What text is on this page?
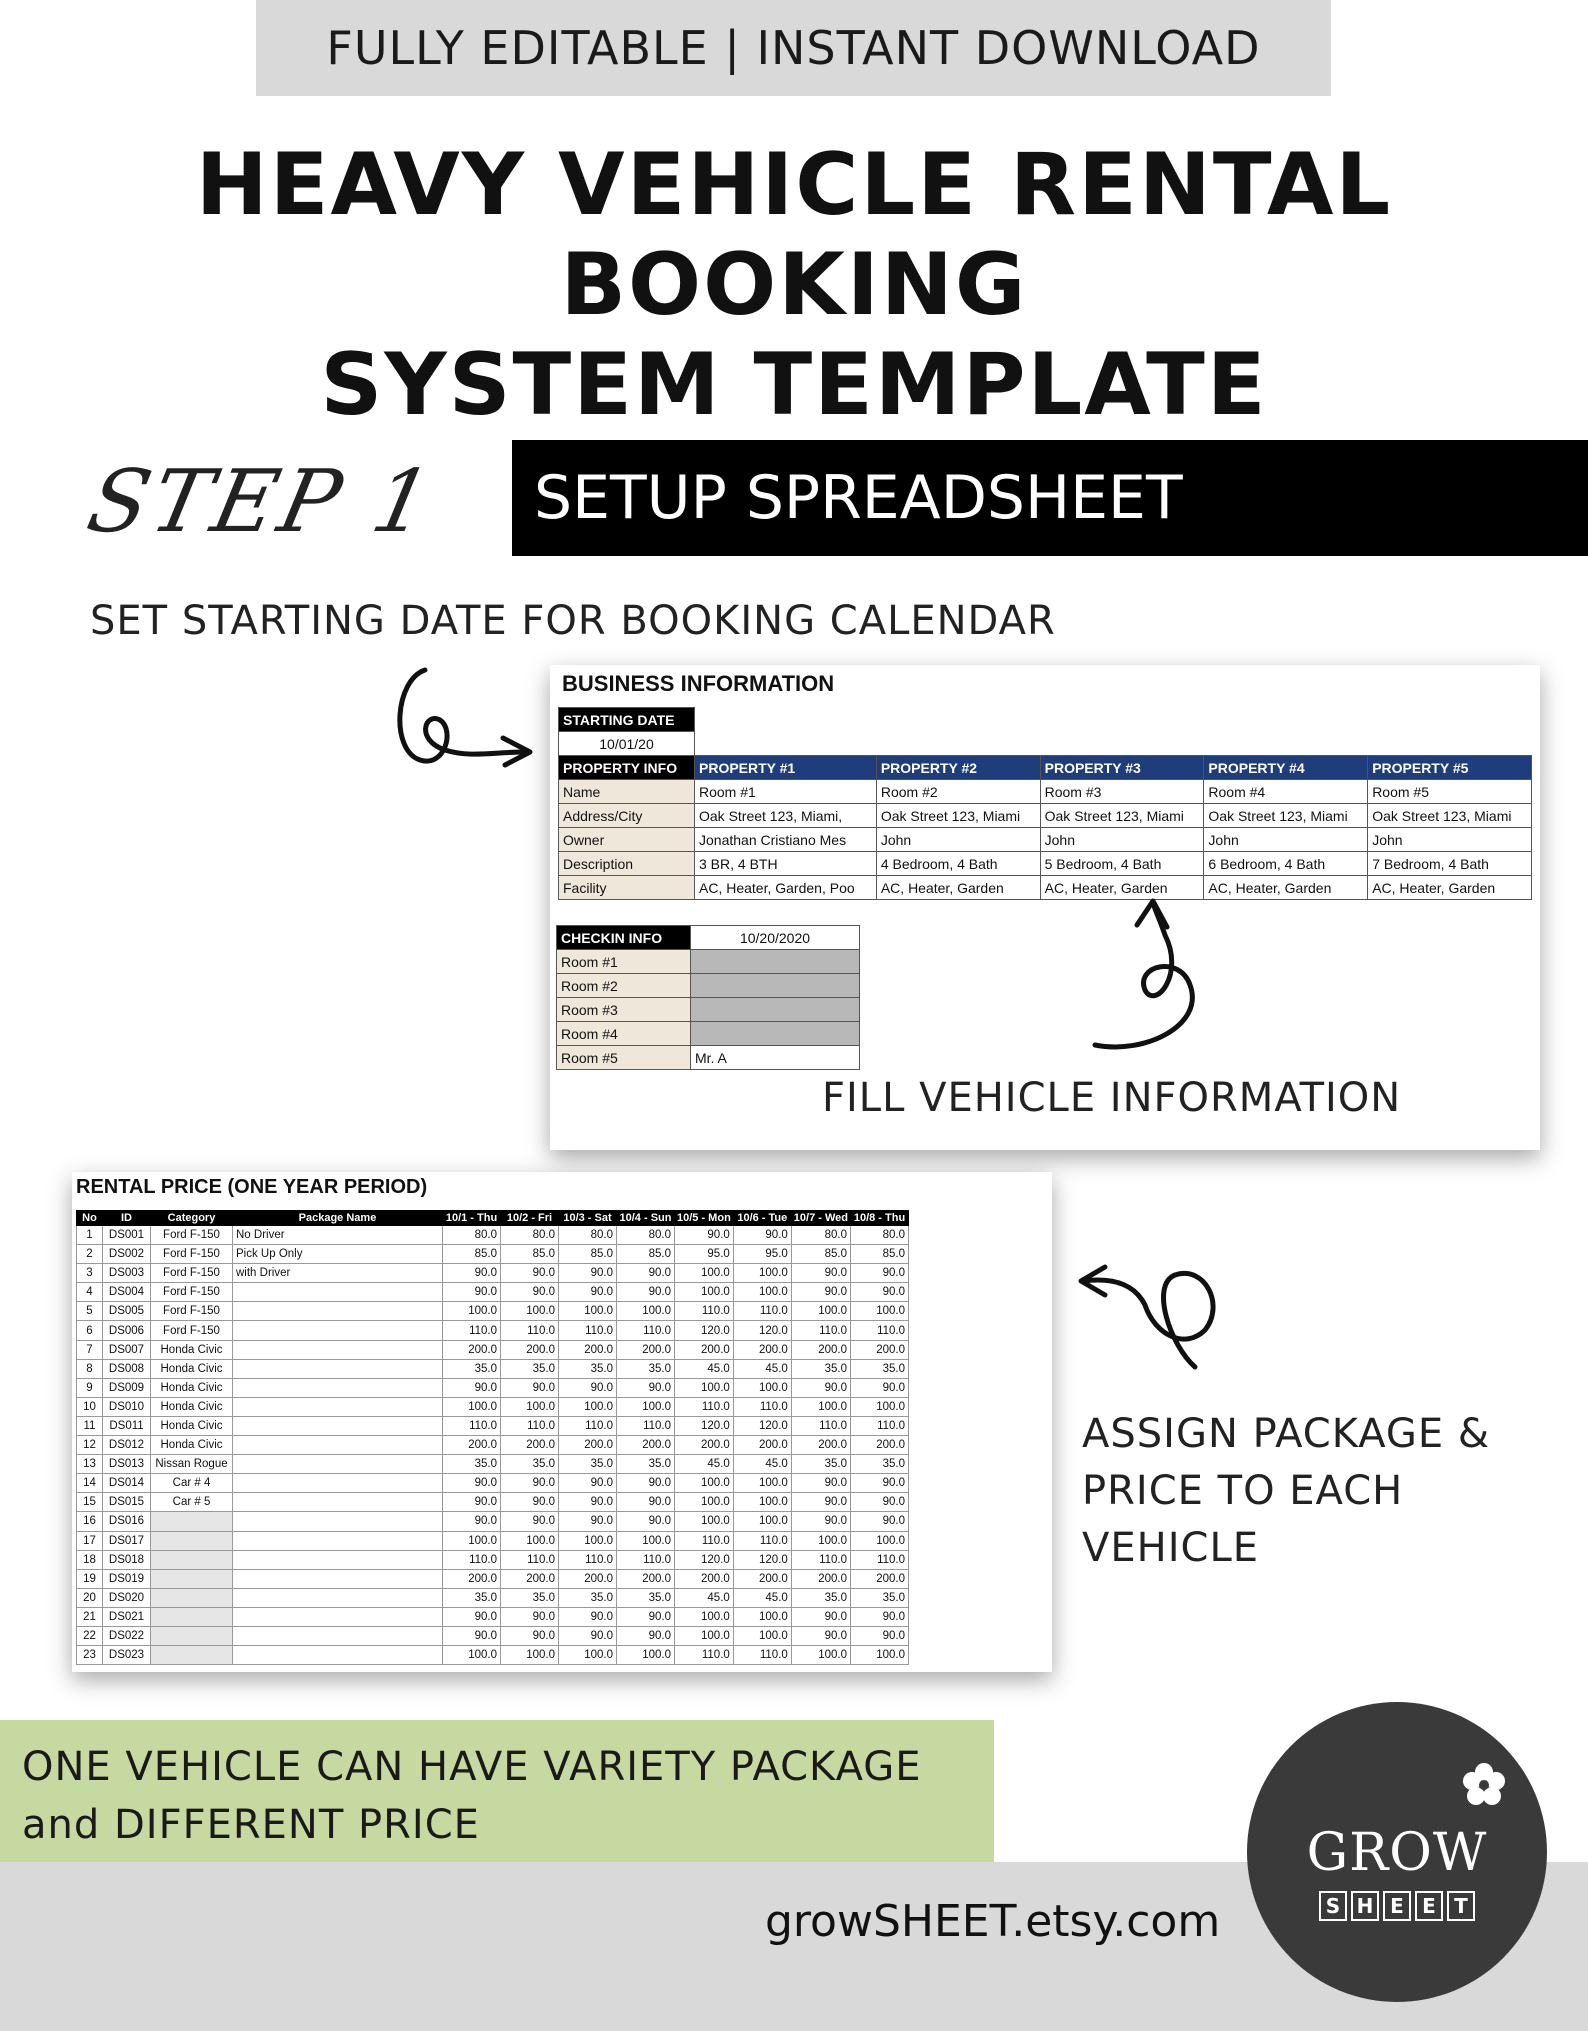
FULLY EDITABLE | INSTANT DOWNLOAD
HEAVY VEHICLE RENTAL BOOKING
SYSTEM TEMPLATE
STEP 1 SETUP SPREADSHEET
SET STARTING DATE FOR BOOKING CALENDAR
BUSINESS INFORMATION
STARTING DATE					
10/01/20					
PROPERTY INFO	PROPERTY #1	PROPERTY #2	PROPERTY #3	PROPERTY #4	PROPERTY #5
Name	Room #1	Room #2	Room #3	Room #4	Room #5
Address/City	Oak Street 123, Miami,	Oak Street 123, Miami	Oak Street 123, Miami	Oak Street 123, Miami	Oak Street 123, Miami
Owner	Jonathan Cristiano Mes	John	John	John	John
Description	3 BR, 4 BTH	4 Bedroom, 4 Bath	5 Bedroom, 4 Bath	6 Bedroom, 4 Bath	7 Bedroom, 4 Bath
Facility	AC, Heater, Garden, Poo	AC, Heater, Garden	AC, Heater, Garden	AC, Heater, Garden	AC, Heater, Garden
CHECKIN INFO	10/20/2020
Room #1	
Room #2	
Room #3	
Room #4	
Room #5	Mr. A
FILL VEHICLE INFORMATION
RENTAL PRICE (ONE YEAR PERIOD)
No	ID	Category	Package Name	10/1 - Thu	10/2 - Fri	10/3 - Sat	10/4 - Sun	10/5 - Mon	10/6 - Tue	10/7 - Wed	10/8 - Thu
1	DS001	Ford F-150	No Driver	80.0	80.0	80.0	80.0	90.0	90.0	80.0	80.0
2	DS002	Ford F-150	Pick Up Only	85.0	85.0	85.0	85.0	95.0	95.0	85.0	85.0
3	DS003	Ford F-150	with Driver	90.0	90.0	90.0	90.0	100.0	100.0	90.0	90.0
4	DS004	Ford F-150		90.0	90.0	90.0	90.0	100.0	100.0	90.0	90.0
5	DS005	Ford F-150		100.0	100.0	100.0	100.0	110.0	110.0	100.0	100.0
6	DS006	Ford F-150		110.0	110.0	110.0	110.0	120.0	120.0	110.0	110.0
7	DS007	Honda Civic		200.0	200.0	200.0	200.0	200.0	200.0	200.0	200.0
8	DS008	Honda Civic		35.0	35.0	35.0	35.0	45.0	45.0	35.0	35.0
9	DS009	Honda Civic		90.0	90.0	90.0	90.0	100.0	100.0	90.0	90.0
10	DS010	Honda Civic		100.0	100.0	100.0	100.0	110.0	110.0	100.0	100.0
11	DS011	Honda Civic		110.0	110.0	110.0	110.0	120.0	120.0	110.0	110.0
12	DS012	Honda Civic		200.0	200.0	200.0	200.0	200.0	200.0	200.0	200.0
13	DS013	Nissan Rogue		35.0	35.0	35.0	35.0	45.0	45.0	35.0	35.0
14	DS014	Car # 4		90.0	90.0	90.0	90.0	100.0	100.0	90.0	90.0
15	DS015	Car # 5		90.0	90.0	90.0	90.0	100.0	100.0	90.0	90.0
16	DS016			90.0	90.0	90.0	90.0	100.0	100.0	90.0	90.0
17	DS017			100.0	100.0	100.0	100.0	110.0	110.0	100.0	100.0
18	DS018			110.0	110.0	110.0	110.0	120.0	120.0	110.0	110.0
19	DS019			200.0	200.0	200.0	200.0	200.0	200.0	200.0	200.0
20	DS020			35.0	35.0	35.0	35.0	45.0	45.0	35.0	35.0
21	DS021			90.0	90.0	90.0	90.0	100.0	100.0	90.0	90.0
22	DS022			90.0	90.0	90.0	90.0	100.0	100.0	90.0	90.0
23	DS023			100.0	100.0	100.0	100.0	110.0	110.0	100.0	100.0
ASSIGN PACKAGE &
PRICE TO EACH
VEHICLE
ONE VEHICLE CAN HAVE VARIETY PACKAGE
and DIFFERENT PRICE
growSHEET.etsy.com
GROW
S H E E T
